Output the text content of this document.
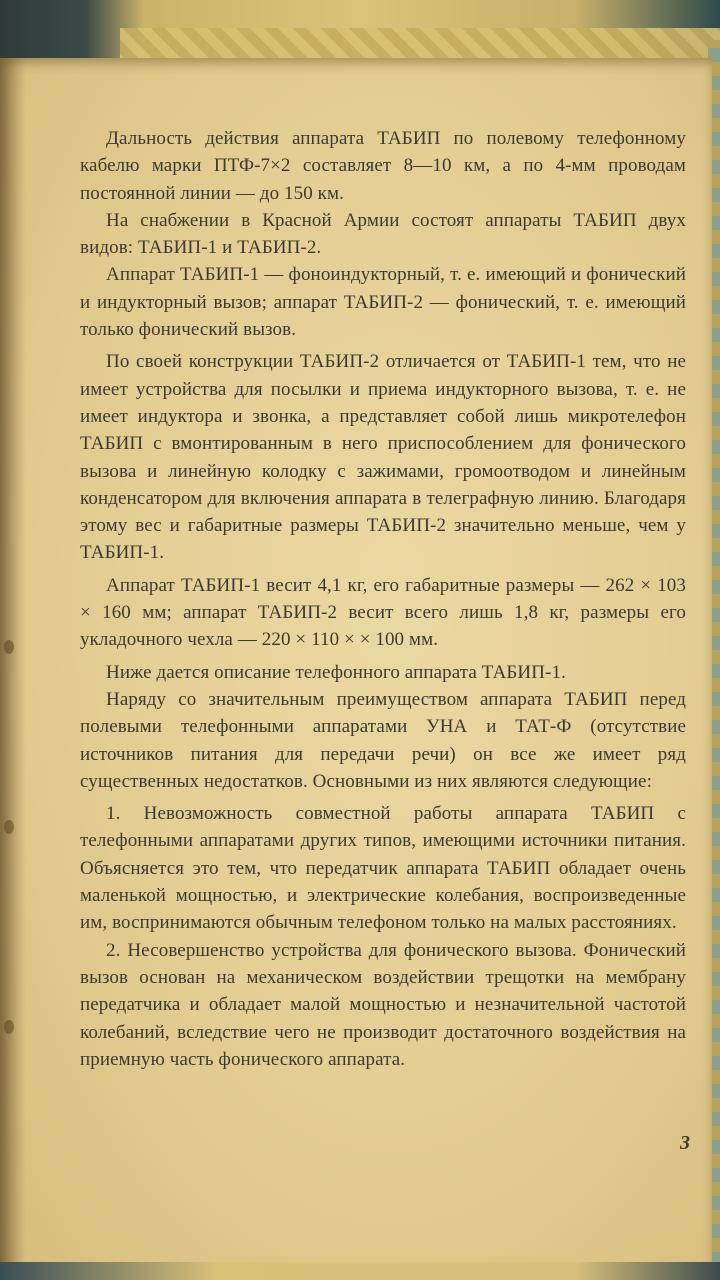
Дальность действия аппарата ТАБИП по полевому телефонному кабелю марки ПТФ-7×2 составляет 8—10 км, а по 4-мм проводам постоянной линии — до 150 км.

На снабжении в Красной Армии состоят аппараты ТАБИП двух видов: ТАБИП-1 и ТАБИП-2.

Аппарат ТАБИП-1 — фоноиндукторный, т. е. имеющий и фонический и индукторный вызов; аппарат ТАБИП-2 — фонический, т. е. имеющий только фонический вызов.

По своей конструкции ТАБИП-2 отличается от ТАБИП-1 тем, что не имеет устройства для посылки и приема индукторного вызова, т. е. не имеет индуктора и звонка, а представляет собой лишь микротелефон ТАБИП с вмонтированным в него приспособлением для фонического вызова и линейную колодку с зажимами, громоотводом и линейным конденсатором для включения аппарата в телеграфную линию. Благодаря этому вес и габаритные размеры ТАБИП-2 значительно меньше, чем у ТАБИП-1.

Аппарат ТАБИП-1 весит 4,1 кг, его габаритные размеры — 262 × 103 × 160 мм; аппарат ТАБИП-2 весит всего лишь 1,8 кг, размеры его укладочного чехла — 220 × 110 × × 100 мм.

Ниже дается описание телефонного аппарата ТАБИП-1.

Наряду со значительным преимуществом аппарата ТАБИП перед полевыми телефонными аппаратами УНА и ТАТ-Ф (отсутствие источников питания для передачи речи) он все же имеет ряд существенных недостатков. Основными из них являются следующие:

1. Невозможность совместной работы аппарата ТАБИП с телефонными аппаратами других типов, имеющими источники питания. Объясняется это тем, что передатчик аппарата ТАБИП обладает очень маленькой мощностью, и электрические колебания, воспроизведенные им, воспринимаются обычным телефоном только на малых расстояниях.

2. Несовершенство устройства для фонического вызова. Фонический вызов основан на механическом воздействии трещотки на мембрану передатчика и обладает малой мощностью и незначительной частотой колебаний, вследствие чего не производит достаточного воздействия на приемную часть фонического аппарата.

3
